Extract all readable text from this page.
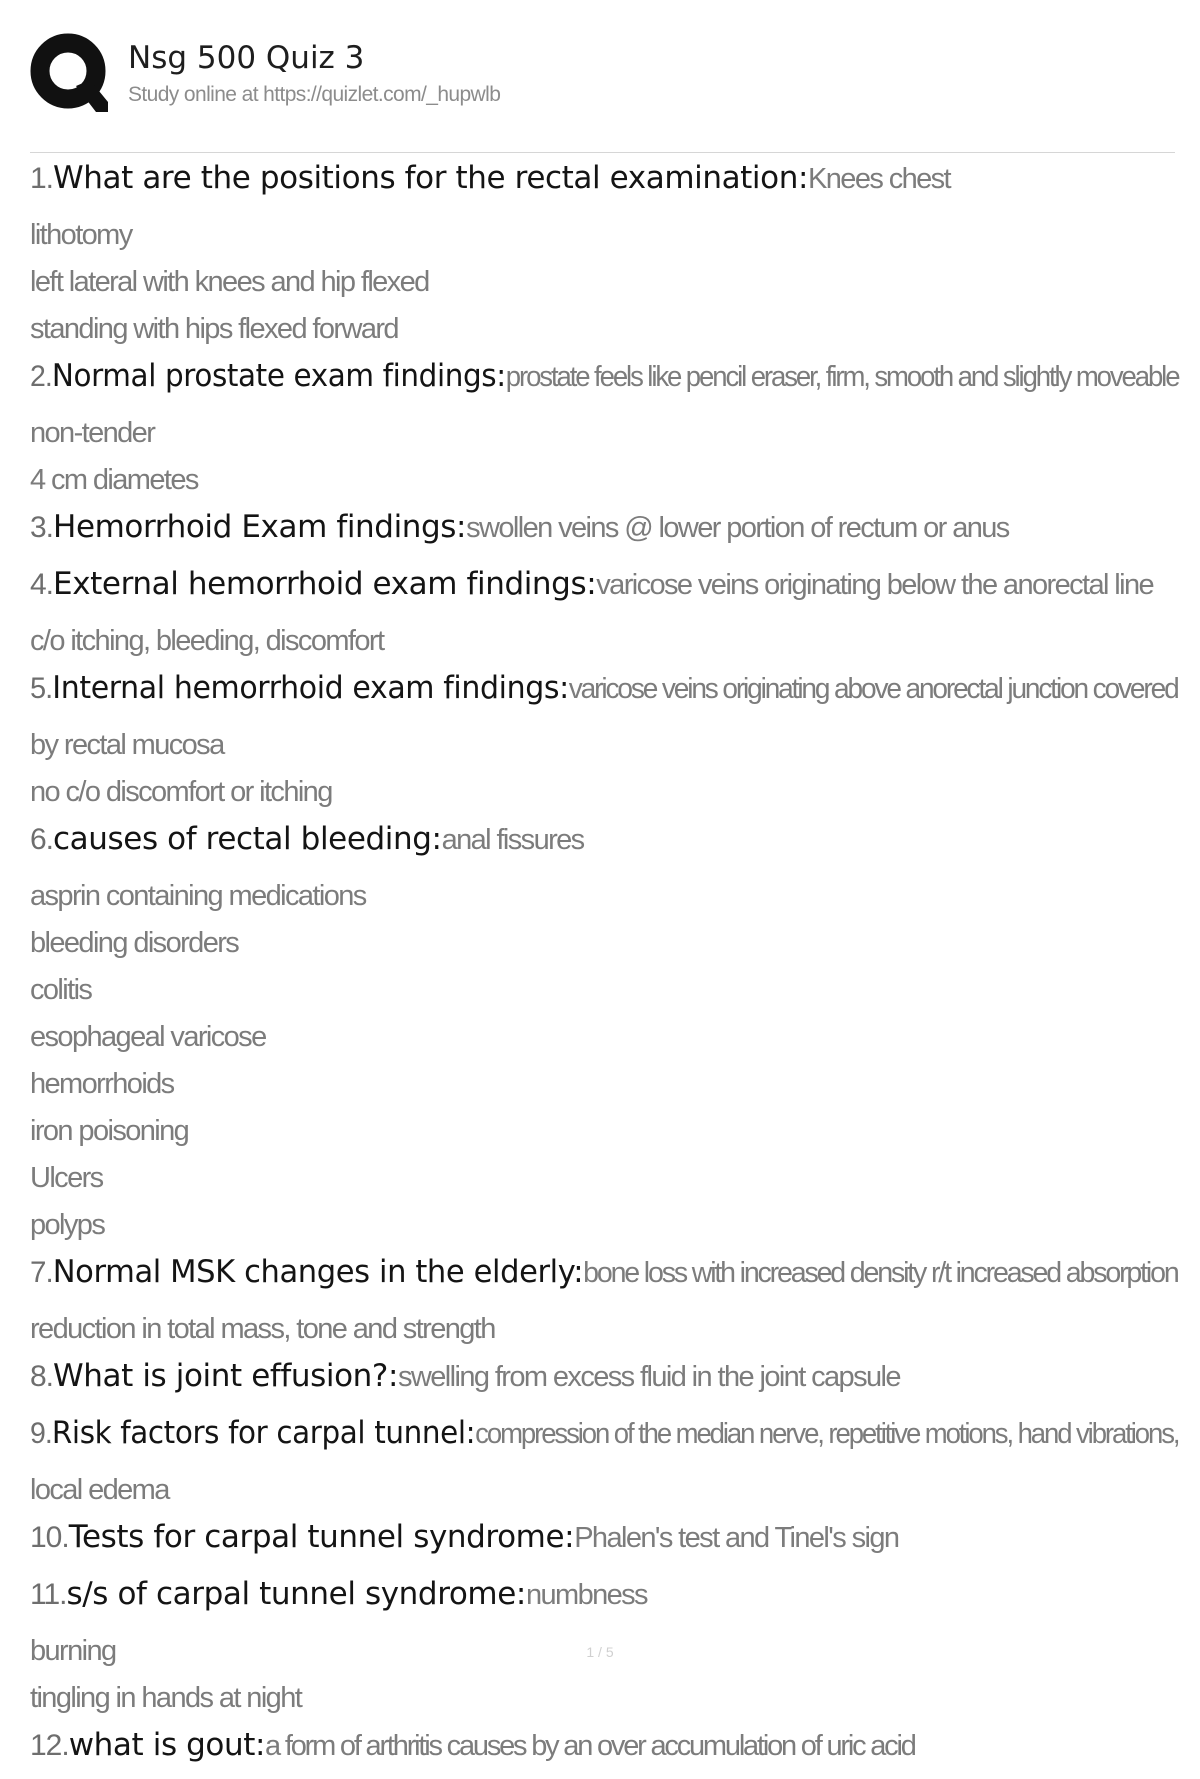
Nsg 500 Quiz 3
Study online at https://quizlet.com/_hupwlb
1. What are the positions for the rectal examination: Knees chest
lithotomy
left lateral with knees and hip flexed
standing with hips flexed forward
2. Normal prostate exam findings: prostate feels like pencil eraser, firm, smooth and slightly moveable
non-tender
4 cm diametes
3. Hemorrhoid Exam findings: swollen veins @ lower portion of rectum or anus
4. External hemorrhoid exam findings: varicose veins originating below the anorectal line
c/o itching, bleeding, discomfort
5. Internal hemorrhoid exam findings: varicose veins originating above anorectal junction covered
by rectal mucosa
no c/o discomfort or itching
6. causes of rectal bleeding: anal fissures
asprin containing medications
bleeding disorders
colitis
esophageal varicose
hemorrhoids
iron poisoning
Ulcers
polyps
7. Normal MSK changes in the elderly: bone loss with increased density r/t increased absorption
reduction in total mass, tone and strength
8. What is joint effusion?: swelling from excess fluid in the joint capsule
9. Risk factors for carpal tunnel: compression of the median nerve, repetitive motions, hand vibrations,
local edema
10. Tests for carpal tunnel syndrome: Phalen's test and Tinel's sign
11. s/s of carpal tunnel syndrome: numbness
burning
tingling in hands at night
12. what is gout: a form of arthritis causes by an over accumulation of uric acid
1 / 5
